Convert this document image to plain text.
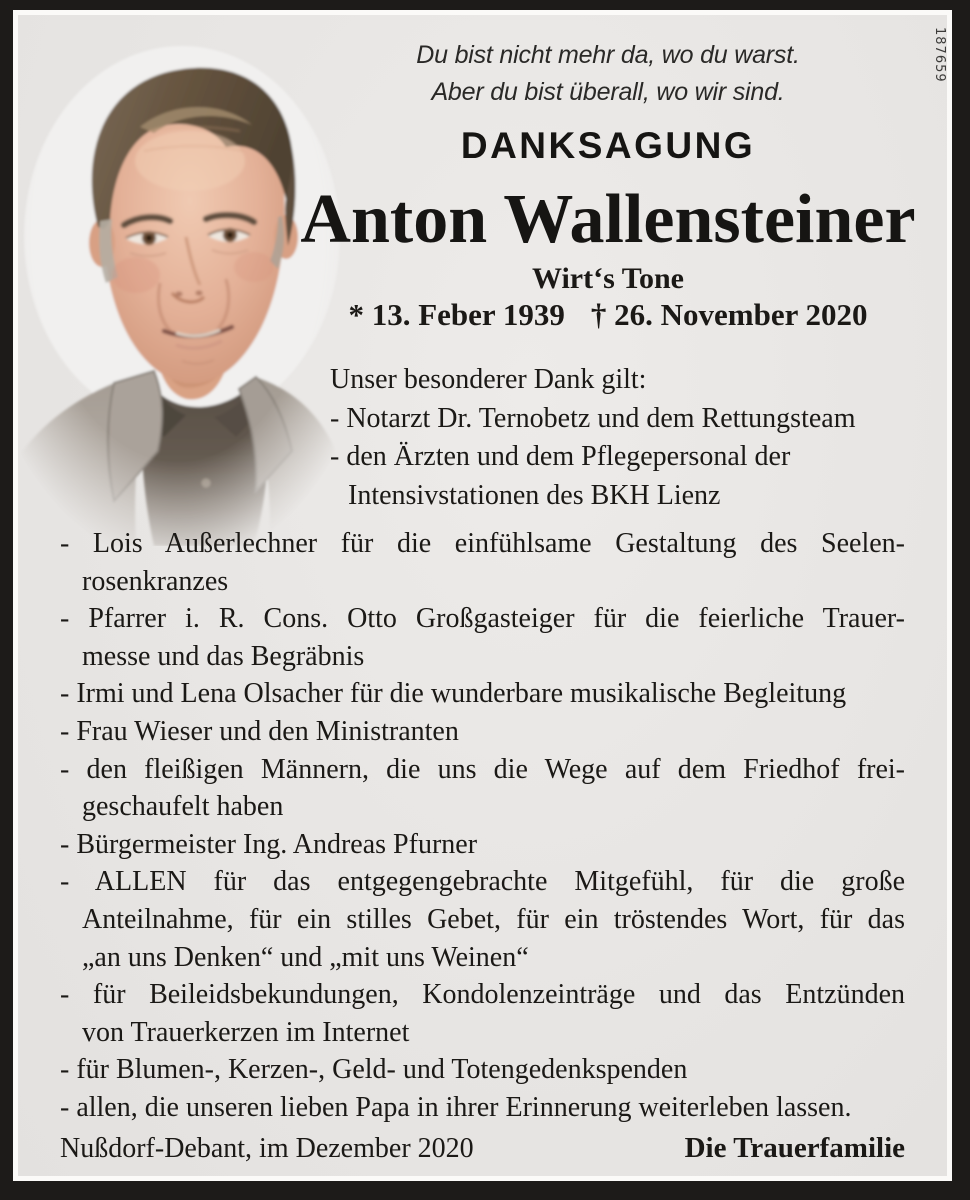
187659
Du bist nicht mehr da, wo du warst.
Aber du bist überall, wo wir sind.
DANKSAGUNG
Anton Wallensteiner
Wirt‘s Tone
* 13. Feber 1939 † 26. November 2020
Unser besonderer Dank gilt:
- Notarzt Dr. Ternobetz und dem Rettungsteam
- den Ärzten und dem Pflegepersonal der
Intensivstationen des BKH Lienz
- Lois Außerlechner für die einfühlsame Gestaltung des Seelen-
rosenkranzes
- Pfarrer i. R. Cons. Otto Großgasteiger für die feierliche Trauer-
messe und das Begräbnis
- Irmi und Lena Olsacher für die wunderbare musikalische Begleitung
- Frau Wieser und den Ministranten
- den fleißigen Männern, die uns die Wege auf dem Friedhof frei-
geschaufelt haben
- Bürgermeister Ing. Andreas Pfurner
- ALLEN für das entgegengebrachte Mitgefühl, für die große
Anteilnahme, für ein stilles Gebet, für ein tröstendes Wort, für das
„an uns Denken“ und „mit uns Weinen“
- für Beileidsbekundungen, Kondolenzeinträge und das Entzünden
von Trauerkerzen im Internet
- für Blumen-, Kerzen-, Geld- und Totengedenkspenden
- allen, die unseren lieben Papa in ihrer Erinnerung weiterleben lassen.
Nußdorf-Debant, im Dezember 2020	Die Trauerfamilie
